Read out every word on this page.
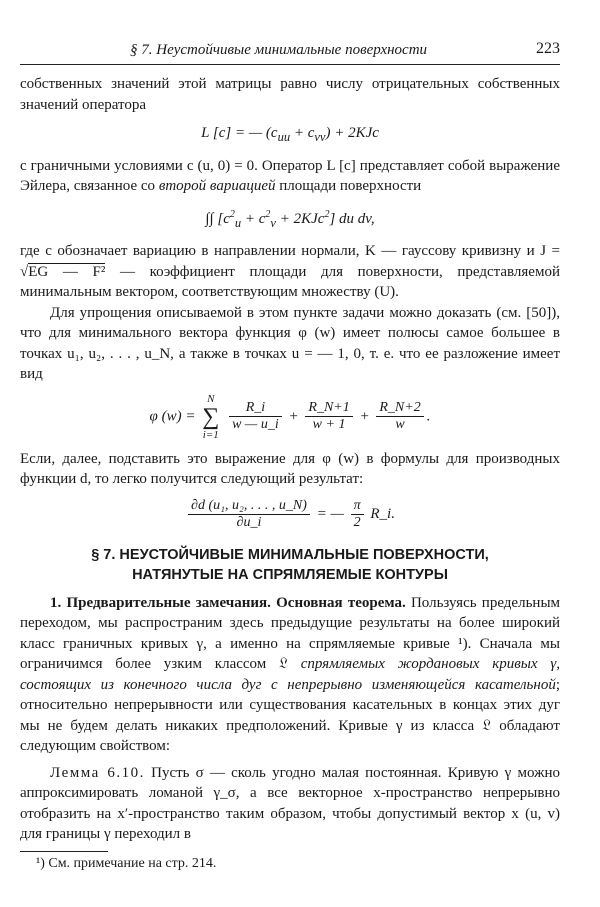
§ 7. Неустойчивые минимальные поверхности	223

собственных значений этой матрицы равно числу отрицательных собственных значений оператора

L [c] = — $(c_{uu} + c_{vv}) + 2KJc$

с граничными условиями c (u, 0) = 0. Оператор L [c] представляет собой выражение Эйлера, связанное со второй вариацией площади поверхности

∫∫ $[c^2_u + c^2_v + 2KJc^2]$ du dv,

где c обозначает вариацию в направлении нормали, K — гауссову кривизну и J = √EG — F² — коэффициент площади для поверхности, представляемой минимальным вектором, соответствующим множеству (U).

Для упрощения описываемой в этом пункте задачи можно доказать (см. [50]), что для минимального вектора функция φ (w) имеет полюсы самое большее в точках u₁, u₂, . . . , u_N, а также в точках u = — 1, 0, т. е. что ее разложение имеет вид

φ (w) =
N
∑
i=1

$\frac{R\_i}{w — u\_i} + \frac{R\_N+1}{w + 1} + \frac{R\_N+2}{w}$ .

Если, далее, подставить это выражение для φ (w) в формулы для производных функции d, то легко получится следующий результат:

$\frac{\text{∂d (u₁, u₂, . . . , u\_N)}}{\partial u\_i}$ = — $\frac{\pi}{2}$ R_i.
§ 7. НЕУСТОЙЧИВЫЕ МИНИМАЛЬНЫЕ ПОВЕРХНОСТИ,
НАТЯНУТЫЕ НА СПРЯМЛЯЕМЫЕ КОНТУРЫ

1. Предварительные замечания. Основная теорема. Пользуясь предельным переходом, мы распространим здесь предыдущие результаты на более широкий класс граничных кривых γ, а именно на спрямляемые кривые ¹). Сначала мы ограничимся более узким классом 𝔏 спрямляемых жордановых кривых γ, состоящих из конечного числа дуг с непрерывно изменяющейся касательной; относительно непрерывности или существования касательных в концах этих дуг мы не будем делать никаких предположений. Кривые γ из класса 𝔏 обладают следующим свойством:

Лемма 6.10. Пусть σ — сколь угодно малая постоянная. Кривую γ можно аппроксимировать ломаной γ_σ, а все векторное x-пространство непрерывно отобразить на x′-пространство таким образом, чтобы допустимый вектор x (u, v) для границы γ переходил в

¹) См. примечание на стр. 214.
